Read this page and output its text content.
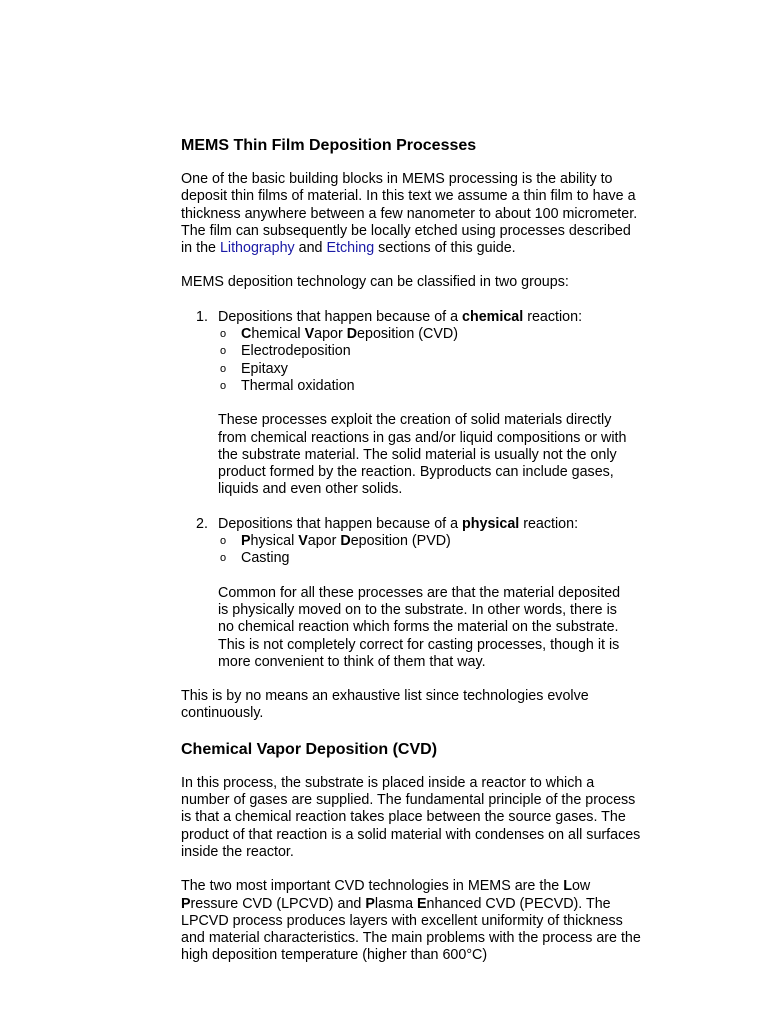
MEMS Thin Film Deposition Processes

One of the basic building blocks in MEMS processing is the ability to deposit thin films of material. In this text we assume a thin film to have a thickness anywhere between a few nanometer to about 100 micrometer. The film can subsequently be locally etched using processes described in the Lithography and Etching sections of this guide.

MEMS deposition technology can be classified in two groups:

1. Depositions that happen because of a chemical reaction:
o Chemical Vapor Deposition (CVD)
o Electrodeposition
o Epitaxy
o Thermal oxidation

These processes exploit the creation of solid materials directly from chemical reactions in gas and/or liquid compositions or with the substrate material. The solid material is usually not the only product formed by the reaction. Byproducts can include gases, liquids and even other solids.

2. Depositions that happen because of a physical reaction:
o Physical Vapor Deposition (PVD)
o Casting

Common for all these processes are that the material deposited is physically moved on to the substrate. In other words, there is no chemical reaction which forms the material on the substrate. This is not completely correct for casting processes, though it is more convenient to think of them that way.

This is by no means an exhaustive list since technologies evolve continuously.

Chemical Vapor Deposition (CVD)

In this process, the substrate is placed inside a reactor to which a number of gases are supplied. The fundamental principle of the process is that a chemical reaction takes place between the source gases. The product of that reaction is a solid material with condenses on all surfaces inside the reactor.

The two most important CVD technologies in MEMS are the Low Pressure CVD (LPCVD) and Plasma Enhanced CVD (PECVD). The LPCVD process produces layers with excellent uniformity of thickness and material characteristics. The main problems with the process are the high deposition temperature (higher than 600°C)
